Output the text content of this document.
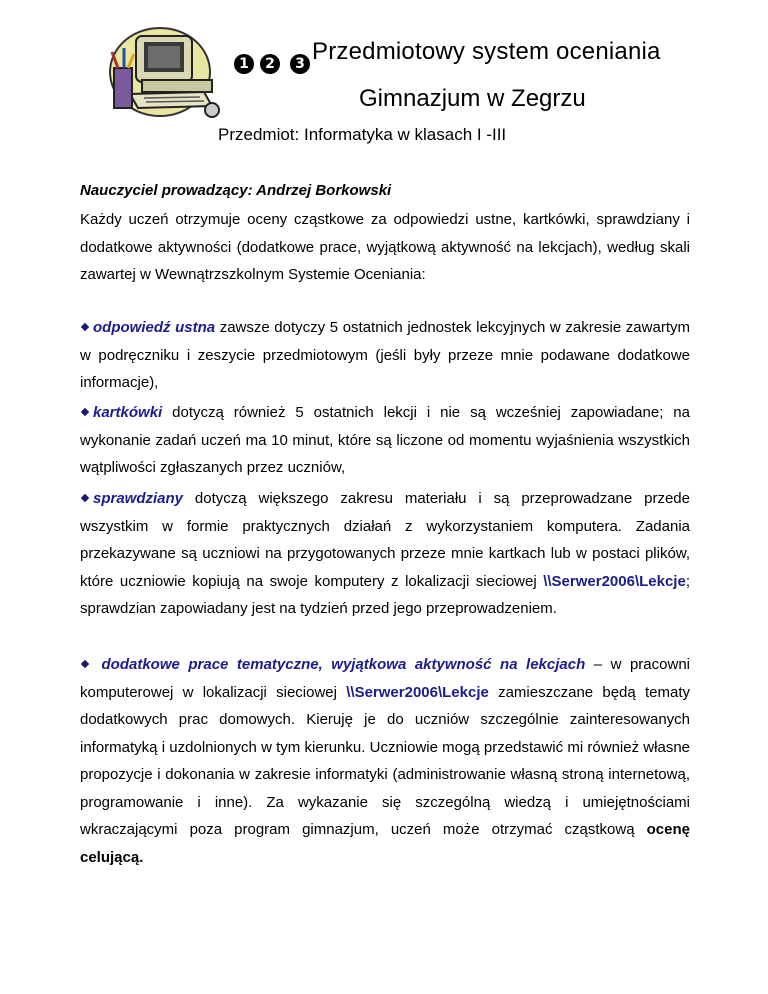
1	2	3 Przedmiotowy system oceniania
Gimnazjum w Zegrzu
Przedmiot: Informatyka w klasach I -III
Nauczyciel prowadzący: Andrzej Borkowski
Każdy uczeń otrzymuje oceny cząstkowe za odpowiedzi ustne, kartkówki, sprawdziany i dodatkowe aktywności (dodatkowe prace, wyjątkową aktywność na lekcjach), według skali zawartej w Wewnątrzszkolnym Systemie Oceniania:
odpowiedź ustna zawsze dotyczy 5 ostatnich jednostek lekcyjnych w zakresie zawartym w podręczniku i zeszycie przedmiotowym (jeśli były przeze mnie podawane dodatkowe informacje),
kartkówki dotyczą również 5 ostatnich lekcji i nie są wcześniej zapowiadane; na wykonanie zadań uczeń ma 10 minut, które są liczone od momentu wyjaśnienia wszystkich wątpliwości zgłaszanych przez uczniów,
sprawdziany dotyczą większego zakresu materiału i są przeprowadzane przede wszystkim w formie praktycznych działań z wykorzystaniem komputera. Zadania przekazywane są uczniowi na przygotowanych przeze mnie kartkach lub w postaci plików, które uczniowie kopiują na swoje komputery z lokalizacji sieciowej \\Serwer2006\Lekcje; sprawdzian zapowiadany jest na tydzień przed jego przeprowadzeniem.
dodatkowe prace tematyczne, wyjątkowa aktywność na lekcjach – w pracowni komputerowej w lokalizacji sieciowej \\Serwer2006\Lekcje zamieszczane będą tematy dodatkowych prac domowych. Kieruję je do uczniów szczególnie zainteresowanych informatyką i uzdolnionych w tym kierunku. Uczniowie mogą przedstawić mi również własne propozycje i dokonania w zakresie informatyki (administrowanie własną stroną internetową, programowanie i inne). Za wykazanie się szczególną wiedzą i umiejętnościami wkraczającymi poza program gimnazjum, uczeń może otrzymać cząstkową ocenę celującą.
